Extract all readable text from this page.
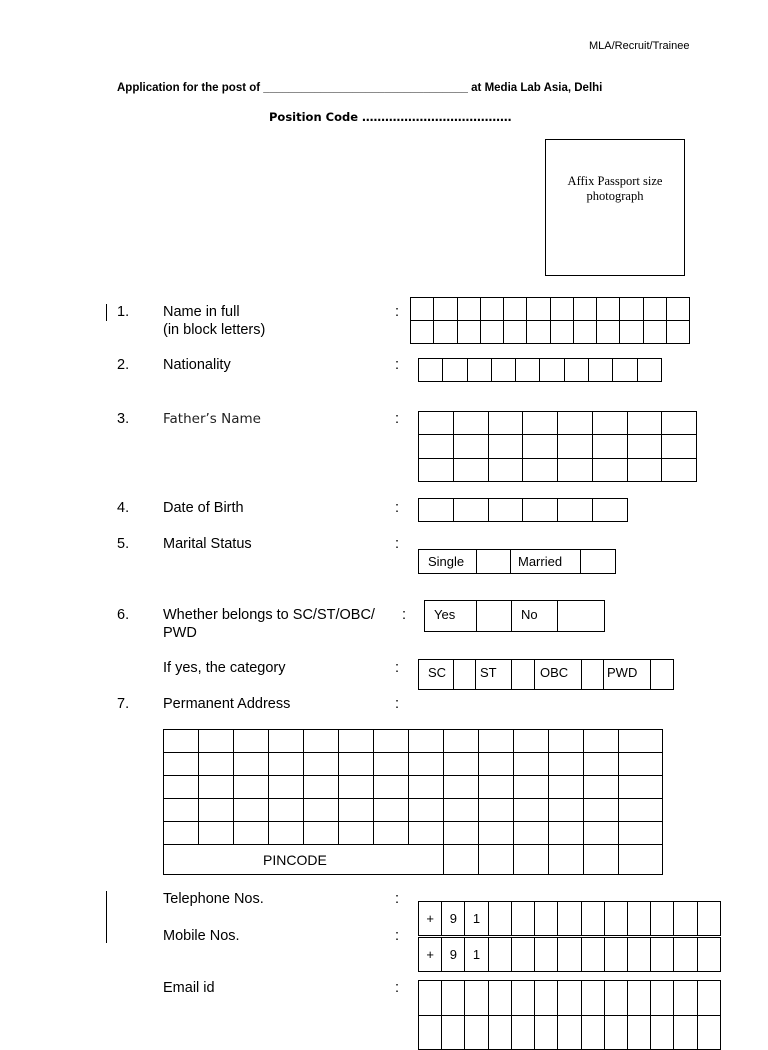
MLA/Recruit/Trainee
Application for the post of ________________________________ at Media Lab Asia, Delhi
Position Code …………………………………
Affix Passport size photograph
1. Name in full
(in block letters)
:

2. Nationality	:

3.	Father’s Name	:

4. Date of Birth	:

5. Marital Status	:
Single	Married
6. Whether belongs to SC/ST/OBC/
PWD
: Yes	No
If yes, the category	: SC	ST	OBC	PWD
7. Permanent Address	:

PINCODE													
Telephone Nos.	:
+	9	1										
Mobile Nos.	:
+	9	1										
Email id	:
